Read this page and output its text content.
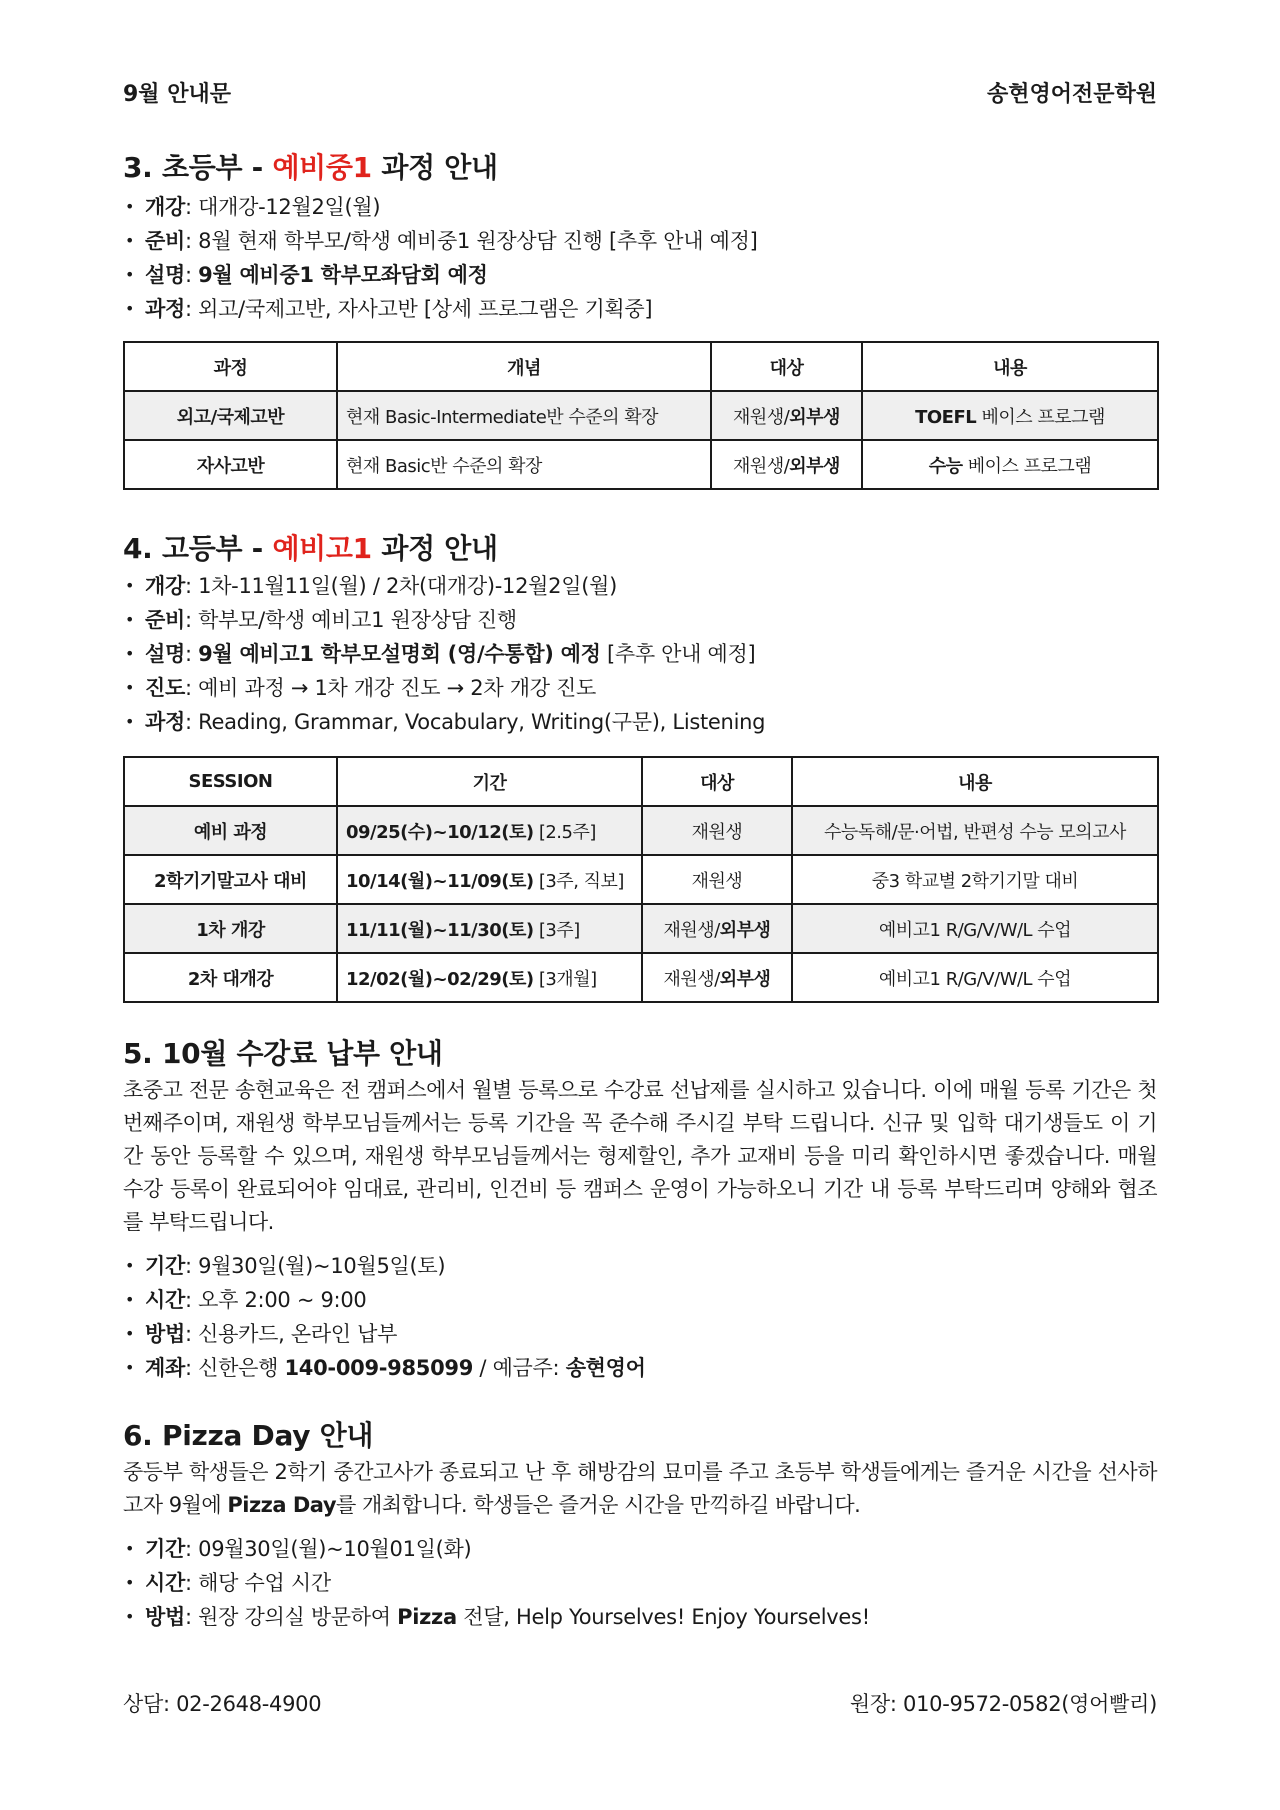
9월 안내문	송현영어전문학원
3. 초등부 - 예비중1 과정 안내
• 개강: 대개강-12월2일(월)
• 준비: 8월 현재 학부모/학생 예비중1 원장상담 진행 [추후 안내 예정]
• 설명: 9월 예비중1 학부모좌담회 예정
• 과정: 외고/국제고반, 자사고반 [상세 프로그램은 기획중]
과정	개념	대상	내용
외고/국제고반	현재 Basic-Intermediate반 수준의 확장	재원생/외부생	TOEFL 베이스 프로그램
자사고반	현재 Basic반 수준의 확장	재원생/외부생	수능 베이스 프로그램
4. 고등부 - 예비고1 과정 안내
• 개강: 1차-11월11일(월) / 2차(대개강)-12월2일(월)
• 준비: 학부모/학생 예비고1 원장상담 진행
• 설명: 9월 예비고1 학부모설명회 (영/수통합) 예정 [추후 안내 예정]
• 진도: 예비 과정 → 1차 개강 진도 → 2차 개강 진도
• 과정: Reading, Grammar, Vocabulary, Writing(구문), Listening
SESSION	기간	대상	내용
예비 과정	09/25(수)~10/12(토) [2.5주]	재원생	수능독해/문·어법, 반편성 수능 모의고사
2학기기말고사 대비	10/14(월)~11/09(토) [3주, 직보]	재원생	중3 학교별 2학기기말 대비
1차 개강	11/11(월)~11/30(토) [3주]	재원생/외부생	예비고1 R/G/V/W/L 수업
2차 대개강	12/02(월)~02/29(토) [3개월]	재원생/외부생	예비고1 R/G/V/W/L 수업
5. 10월 수강료 납부 안내

초중고 전문 송현교육은 전 캠퍼스에서 월별 등록으로 수강료 선납제를 실시하고 있습니다. 이에 매월 등록 기간은 첫번째주이며, 재원생 학부모님들께서는 등록 기간을 꼭 준수해 주시길 부탁 드립니다. 신규 및 입학 대기생들도 이 기간 동안 등록할 수 있으며, 재원생 학부모님들께서는 형제할인, 추가 교재비 등을 미리 확인하시면 좋겠습니다. 매월 수강 등록이 완료되어야 임대료, 관리비, 인건비 등 캠퍼스 운영이 가능하오니 기간 내 등록 부탁드리며 양해와 협조를 부탁드립니다.

• 기간: 9월30일(월)~10월5일(토)
• 시간: 오후 2:00 ~ 9:00
• 방법: 신용카드, 온라인 납부
• 계좌: 신한은행 140-009-985099 / 예금주: 송현영어
6. Pizza Day 안내

중등부 학생들은 2학기 중간고사가 종료되고 난 후 해방감의 묘미를 주고 초등부 학생들에게는 즐거운 시간을 선사하고자 9월에 Pizza Day를 개최합니다. 학생들은 즐거운 시간을 만끽하길 바랍니다.

• 기간: 09월30일(월)~10월01일(화)
• 시간: 해당 수업 시간
• 방법: 원장 강의실 방문하여 Pizza 전달, Help Yourselves! Enjoy Yourselves!
상담: 02-2648-4900	원장: 010-9572-0582(영어빨리)
